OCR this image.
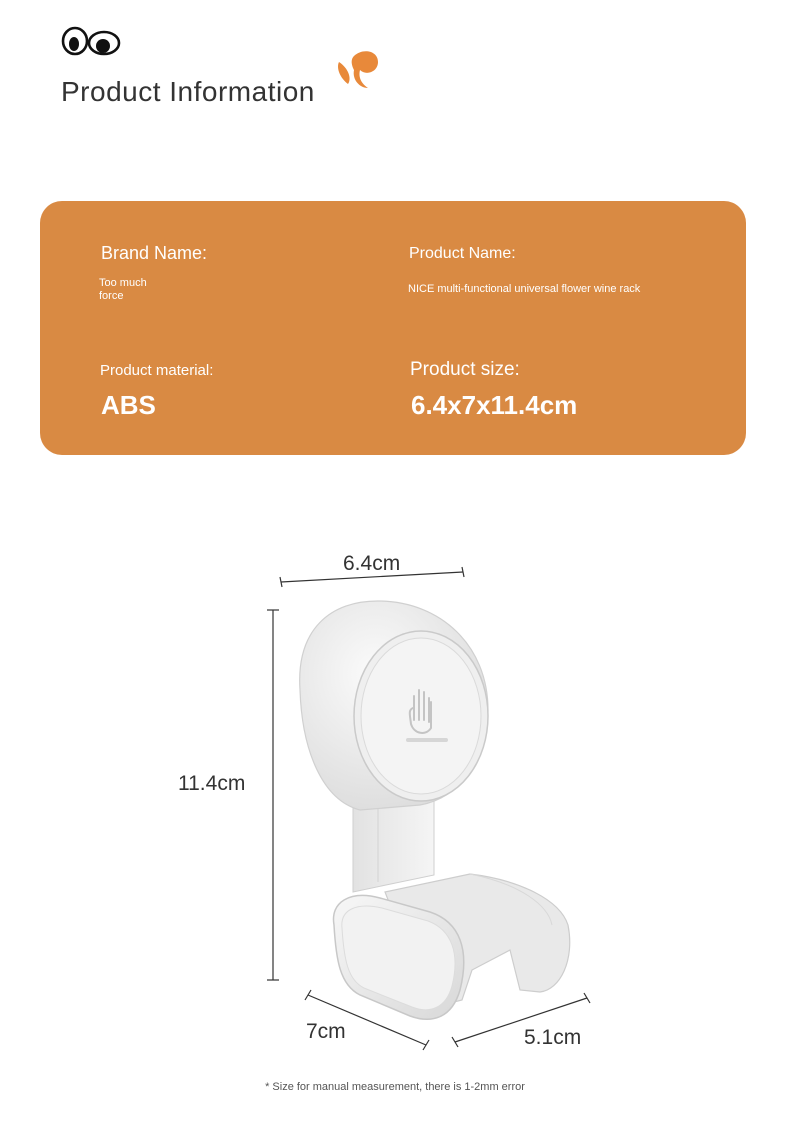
Product Information
Brand Name:
Too much force
Product Name:
NICE multi-functional universal flower wine rack
Product material:
ABS
Product size:
6.4x7x11.4cm
6.4cm
11.4cm
7cm	5.1cm
* Size for manual measurement, there is 1-2mm error
